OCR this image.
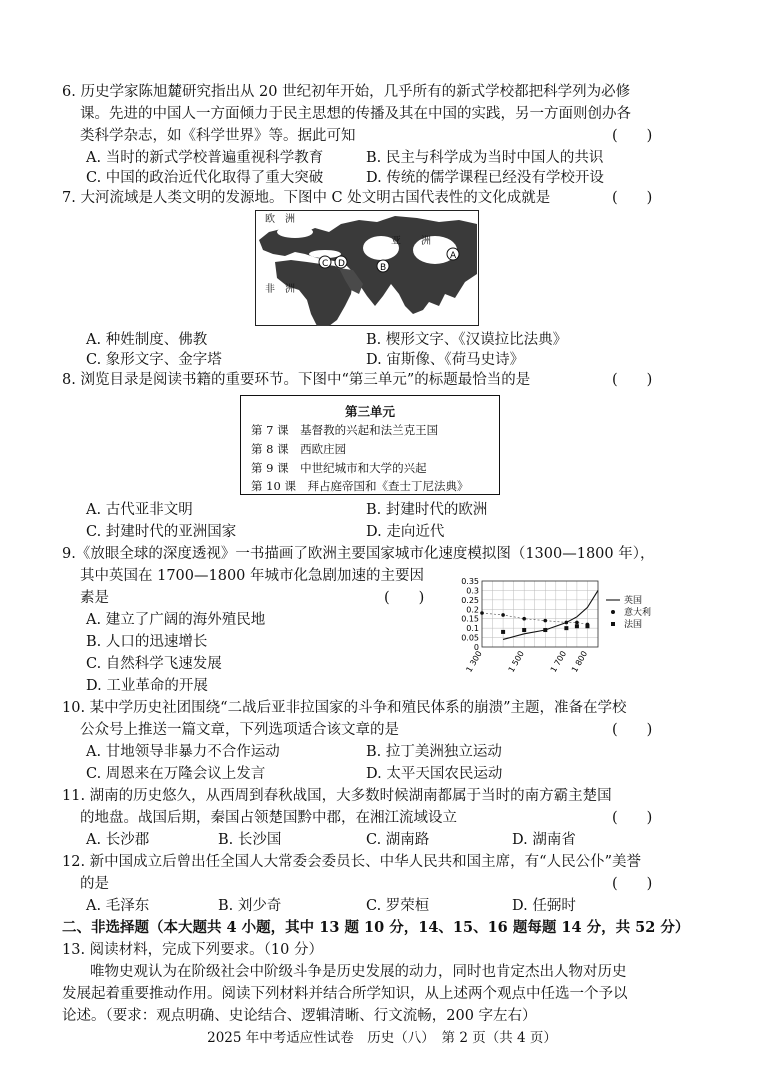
6. 历史学家陈旭麓研究指出从 20 世纪初年开始，几乎所有的新式学校都把科学列为必修
课。先进的中国人一方面倾力于民主思想的传播及其在中国的实践，另一方面则创办各
类科学杂志，如《科学世界》等。据此可知	(　　)
A. 当时的新式学校普遍重视科学教育	B. 民主与科学成为当时中国人的共识
C. 中国的政治近代化取得了重大突破	D. 传统的儒学课程已经没有学校开设
7. 大河流域是人类文明的发源地。下图中 C 处文明古国代表性的文化成就是	(　　)
欧　洲
亚　　洲
非　洲
A
B
C D
A. 种姓制度、佛教	B. 楔形文字、《汉谟拉比法典》
C. 象形文字、金字塔	D. 宙斯像、《荷马史诗》
8. 浏览目录是阅读书籍的重要环节。下图中“第三单元”的标题最恰当的是	(　　)
第三单元
第 7 课　基督教的兴起和法兰克王国
第 8 课　西欧庄园
第 9 课　中世纪城市和大学的兴起
第 10 课　拜占庭帝国和《查士丁尼法典》
A. 古代亚非文明	B. 封建时代的欧洲
C. 封建时代的亚洲国家	D. 走向近代
9.《放眼全球的深度透视》一书描画了欧洲主要国家城市化速度模拟图（1300—1800 年），
其中英国在 1700—1800 年城市化急剧加速的主要因
素是	(　　)
A. 建立了广阔的海外殖民地
B. 人口的迅速增长
C. 自然科学飞速发展
D. 工业革命的开展
0.35
0.3
0.25
0.2
0.15
0.1
0.05
0
1 300	1 500	1 700 1 800
英国
意大利
法国
10. 某中学历史社团围绕“二战后亚非拉国家的斗争和殖民体系的崩溃”主题，准备在学校
公众号上推送一篇文章，下列选项适合该文章的是	(　　)
A. 甘地领导非暴力不合作运动	B. 拉丁美洲独立运动
C. 周恩来在万隆会议上发言	D. 太平天国农民运动
11. 湖南的历史悠久，从西周到春秋战国，大多数时候湖南都属于当时的南方霸主楚国
的地盘。战国后期，秦国占领楚国黔中郡，在湘江流域设立	(　　)
A. 长沙郡	B. 长沙国	C. 湖南路	D. 湖南省
12. 新中国成立后曾出任全国人大常委会委员长、中华人民共和国主席，有“人民公仆”美誉
的是	(　　)
A. 毛泽东	B. 刘少奇	C. 罗荣桓	D. 任弼时
二、非选择题（本大题共 4 小题，其中 13 题 10 分，14、15、16 题每题 14 分，共 52 分）
13. 阅读材料，完成下列要求。（10 分）
唯物史观认为在阶级社会中阶级斗争是历史发展的动力，同时也肯定杰出人物对历史
发展起着重要推动作用。阅读下列材料并结合所学知识，从上述两个观点中任选一个予以
论述。（要求：观点明确、史论结合、逻辑清晰、行文流畅，200 字左右）
2025 年中考适应性试卷　历史（八）　第 2 页（共 4 页）
